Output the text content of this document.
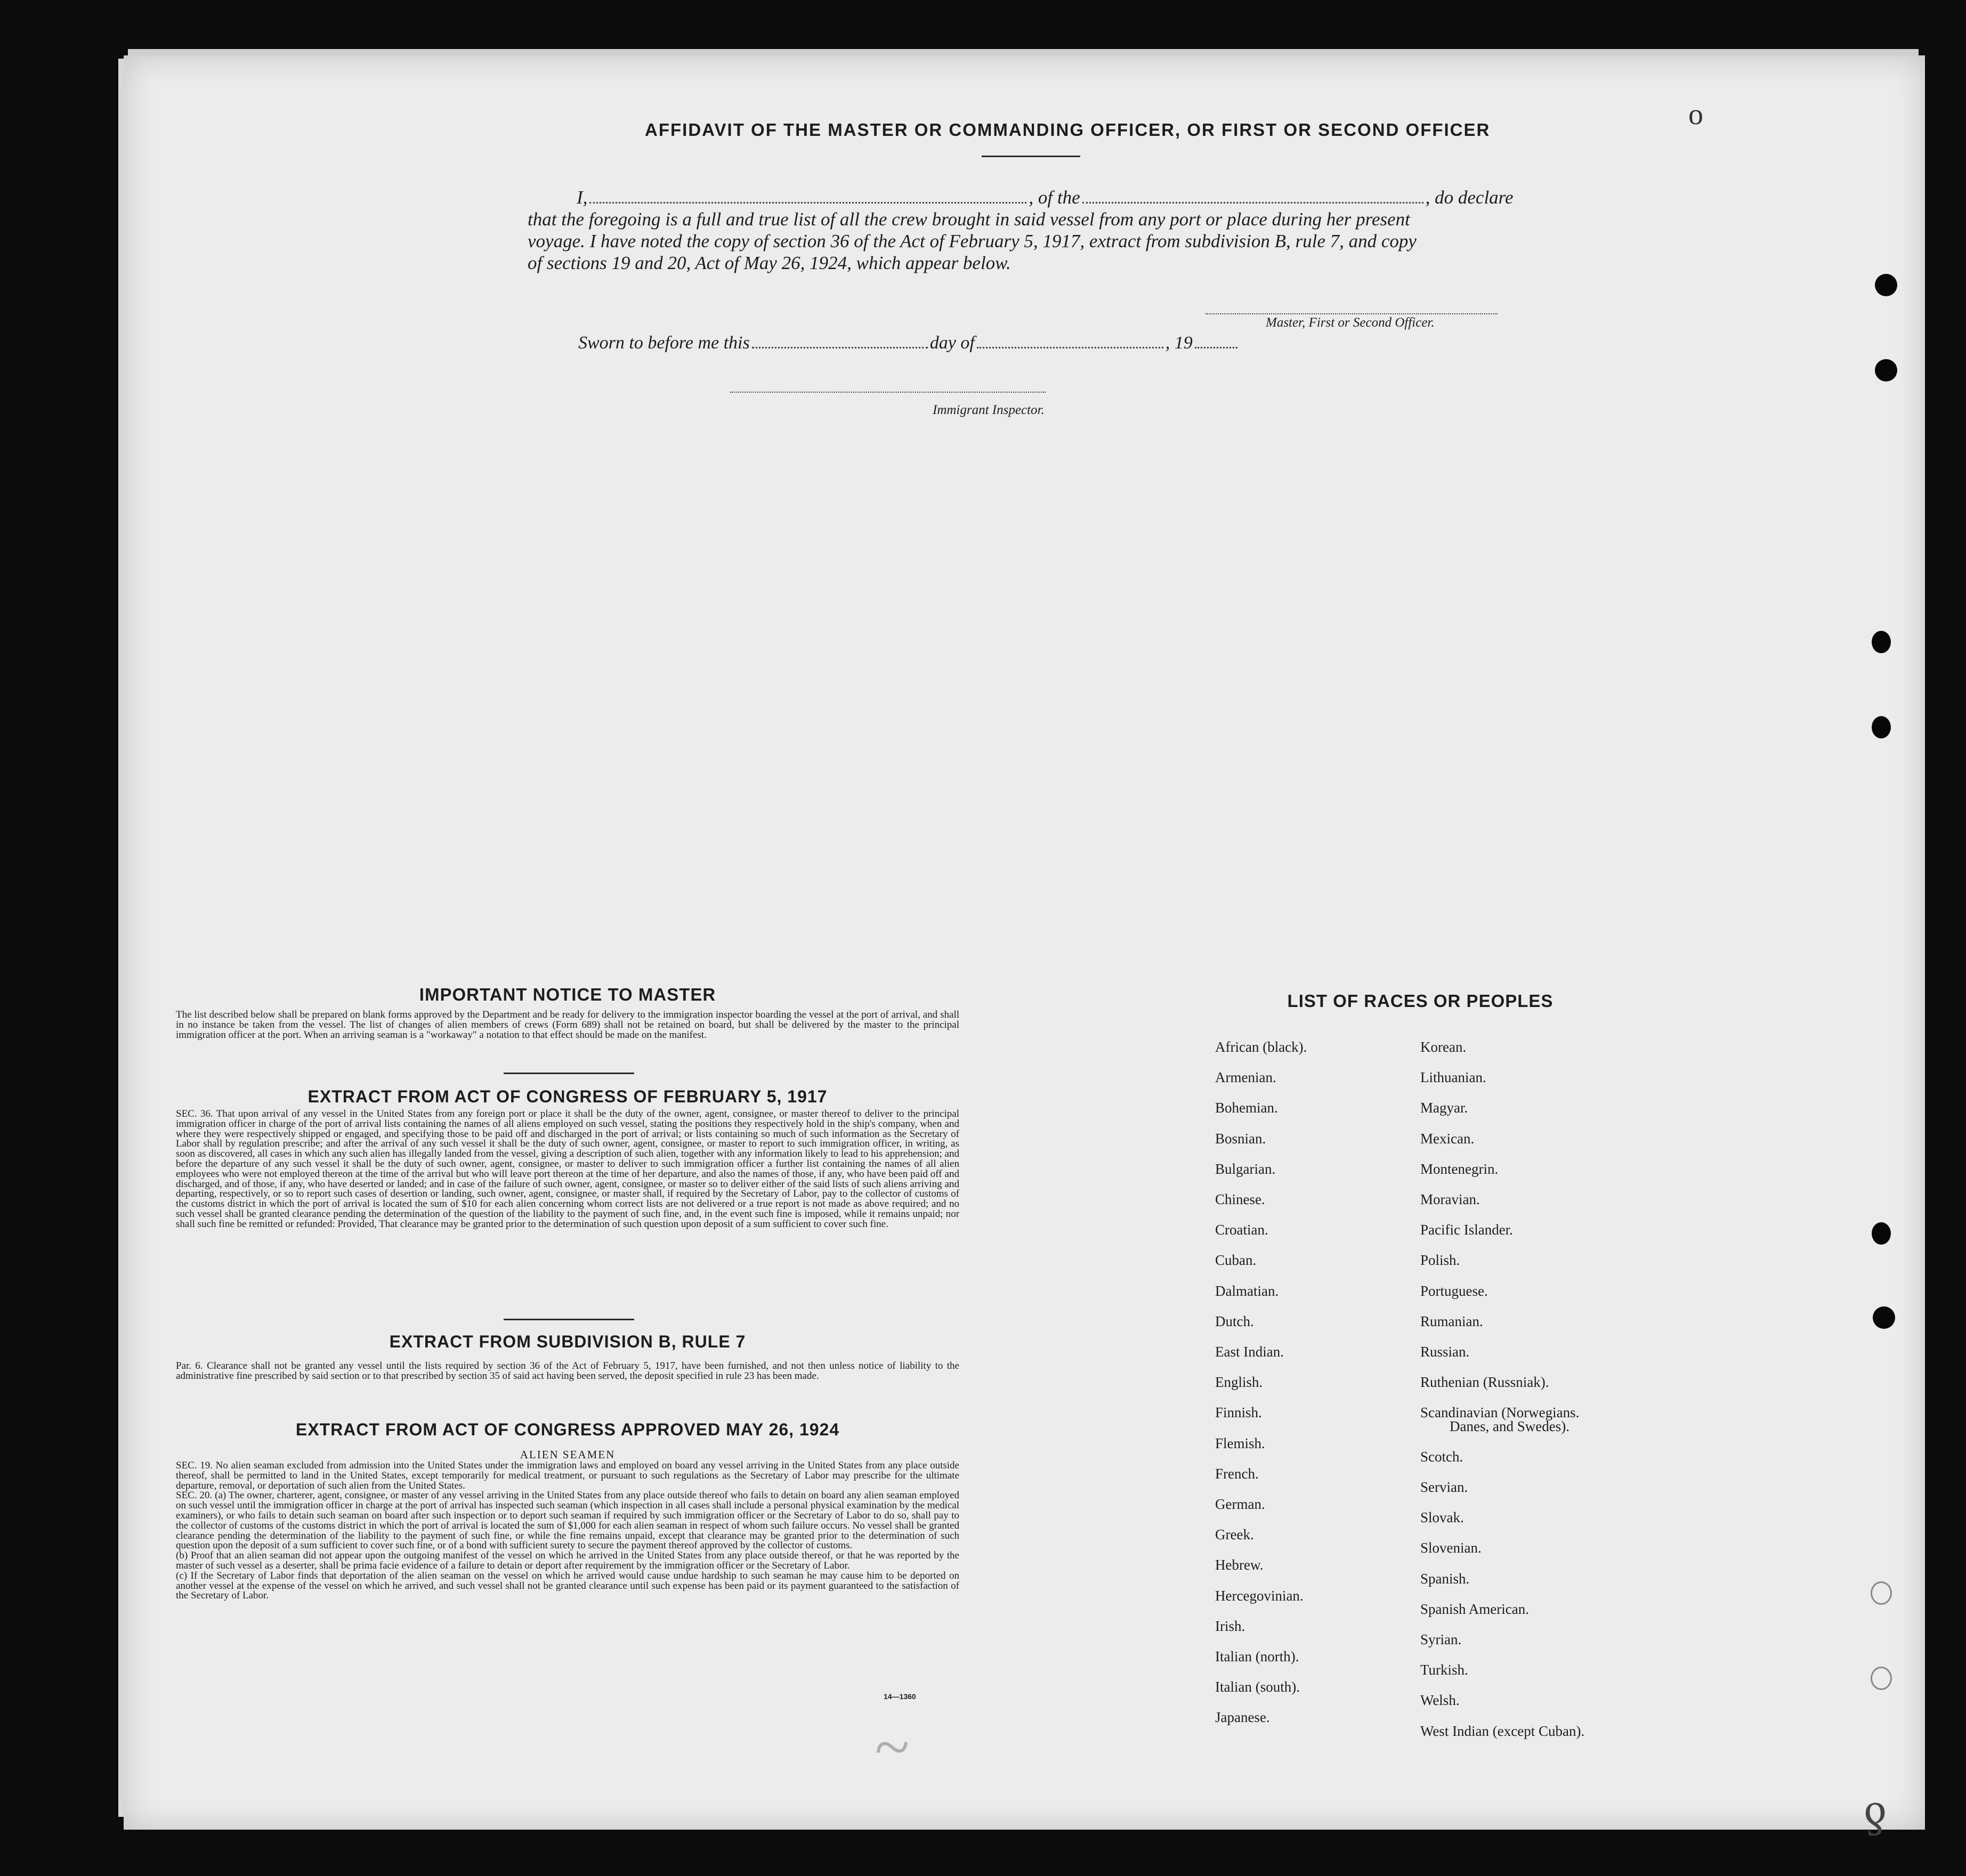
o
ƍ
~
AFFIDAVIT OF THE MASTER OR COMMANDING OFFICER, OR FIRST OR SECOND OFFICER
I,	, of the	, do declare
that the foregoing is a full and true list of all the crew brought in said vessel from any port or place during her present
voyage. I have noted the copy of section 36 of the Act of February 5, 1917, extract from subdivision B, rule 7, and copy
of sections 19 and 20, Act of May 26, 1924, which appear below.
Master, First or Second Officer.
Sworn to before me this	day of	, 19
Immigrant Inspector.
IMPORTANT NOTICE TO MASTER
The list described below shall be prepared on blank forms approved by the Department and be ready for delivery to the immigration inspector boarding the vessel at the port of arrival, and shall in no instance be taken from the vessel. The list of changes of alien members of crews (Form 689) shall not be retained on board, but shall be delivered by the master to the principal immigration officer at the port. When an arriving seaman is a "workaway" a notation to that effect should be made on the manifest.
EXTRACT FROM ACT OF CONGRESS OF FEBRUARY 5, 1917
SEC. 36. That upon arrival of any vessel in the United States from any foreign port or place it shall be the duty of the owner, agent, consignee, or master thereof to deliver to the principal immigration officer in charge of the port of arrival lists containing the names of all aliens employed on such vessel, stating the positions they respectively hold in the ship's company, when and where they were respectively shipped or engaged, and specifying those to be paid off and discharged in the port of arrival; or lists containing so much of such information as the Secretary of Labor shall by regulation prescribe; and after the arrival of any such vessel it shall be the duty of such owner, agent, consignee, or master to report to such immigration officer, in writing, as soon as discovered, all cases in which any such alien has illegally landed from the vessel, giving a description of such alien, together with any information likely to lead to his apprehension; and before the departure of any such vessel it shall be the duty of such owner, agent, consignee, or master to deliver to such immigration officer a further list containing the names of all alien employees who were not employed thereon at the time of the arrival but who will leave port thereon at the time of her departure, and also the names of those, if any, who have been paid off and discharged, and of those, if any, who have deserted or landed; and in case of the failure of such owner, agent, consignee, or master so to deliver either of the said lists of such aliens arriving and departing, respectively, or so to report such cases of desertion or landing, such owner, agent, consignee, or master shall, if required by the Secretary of Labor, pay to the collector of customs of the customs district in which the port of arrival is located the sum of $10 for each alien concerning whom correct lists are not delivered or a true report is not made as above required; and no such vessel shall be granted clearance pending the determination of the question of the liability to the payment of such fine, and, in the event such fine is imposed, while it remains unpaid; nor shall such fine be remitted or refunded: Provided, That clearance may be granted prior to the determination of such question upon deposit of a sum sufficient to cover such fine.
EXTRACT FROM SUBDIVISION B, RULE 7
Par. 6. Clearance shall not be granted any vessel until the lists required by section 36 of the Act of February 5, 1917, have been furnished, and not then unless notice of liability to the administrative fine prescribed by said section or to that prescribed by section 35 of said act having been served, the deposit specified in rule 23 has been made.
EXTRACT FROM ACT OF CONGRESS APPROVED MAY 26, 1924
ALIEN SEAMEN
SEC. 19. No alien seaman excluded from admission into the United States under the immigration laws and employed on board any vessel arriving in the United States from any place outside thereof, shall be permitted to land in the United States, except temporarily for medical treatment, or pursuant to such regulations as the Secretary of Labor may prescribe for the ultimate departure, removal, or deportation of such alien from the United States.
SEC. 20. (a) The owner, charterer, agent, consignee, or master of any vessel arriving in the United States from any place outside thereof who fails to detain on board any alien seaman employed on such vessel until the immigration officer in charge at the port of arrival has inspected such seaman (which inspection in all cases shall include a personal physical examination by the medical examiners), or who fails to detain such seaman on board after such inspection or to deport such seaman if required by such immigration officer or the Secretary of Labor to do so, shall pay to the collector of customs of the customs district in which the port of arrival is located the sum of $1,000 for each alien seaman in respect of whom such failure occurs. No vessel shall be granted clearance pending the determination of the liability to the payment of such fine, or while the fine remains unpaid, except that clearance may be granted prior to the determination of such question upon the deposit of a sum sufficient to cover such fine, or of a bond with sufficient surety to secure the payment thereof approved by the collector of customs.
(b) Proof that an alien seaman did not appear upon the outgoing manifest of the vessel on which he arrived in the United States from any place outside thereof, or that he was reported by the master of such vessel as a deserter, shall be prima facie evidence of a failure to detain or deport after requirement by the immigration officer or the Secretary of Labor.
(c) If the Secretary of Labor finds that deportation of the alien seaman on the vessel on which he arrived would cause undue hardship to such seaman he may cause him to be deported on another vessel at the expense of the vessel on which he arrived, and such vessel shall not be granted clearance until such expense has been paid or its payment guaranteed to the satisfaction of the Secretary of Labor.
14—1360
LIST OF RACES OR PEOPLES
African (black).
Armenian.
Bohemian.
Bosnian.
Bulgarian.
Chinese.
Croatian.
Cuban.
Dalmatian.
Dutch.
East Indian.
English.
Finnish.
Flemish.
French.
German.
Greek.
Hebrew.
Hercegovinian.
Irish.
Italian (north).
Italian (south).
Japanese.
Korean.
Lithuanian.
Magyar.
Mexican.
Montenegrin.
Moravian.
Pacific Islander.
Polish.
Portuguese.
Rumanian.
Russian.
Ruthenian (Russniak).
Scandinavian (Norwegians.
Danes, and Swedes).
Scotch.
Servian.
Slovak.
Slovenian.
Spanish.
Spanish American.
Syrian.
Turkish.
Welsh.
West Indian (except Cuban).
